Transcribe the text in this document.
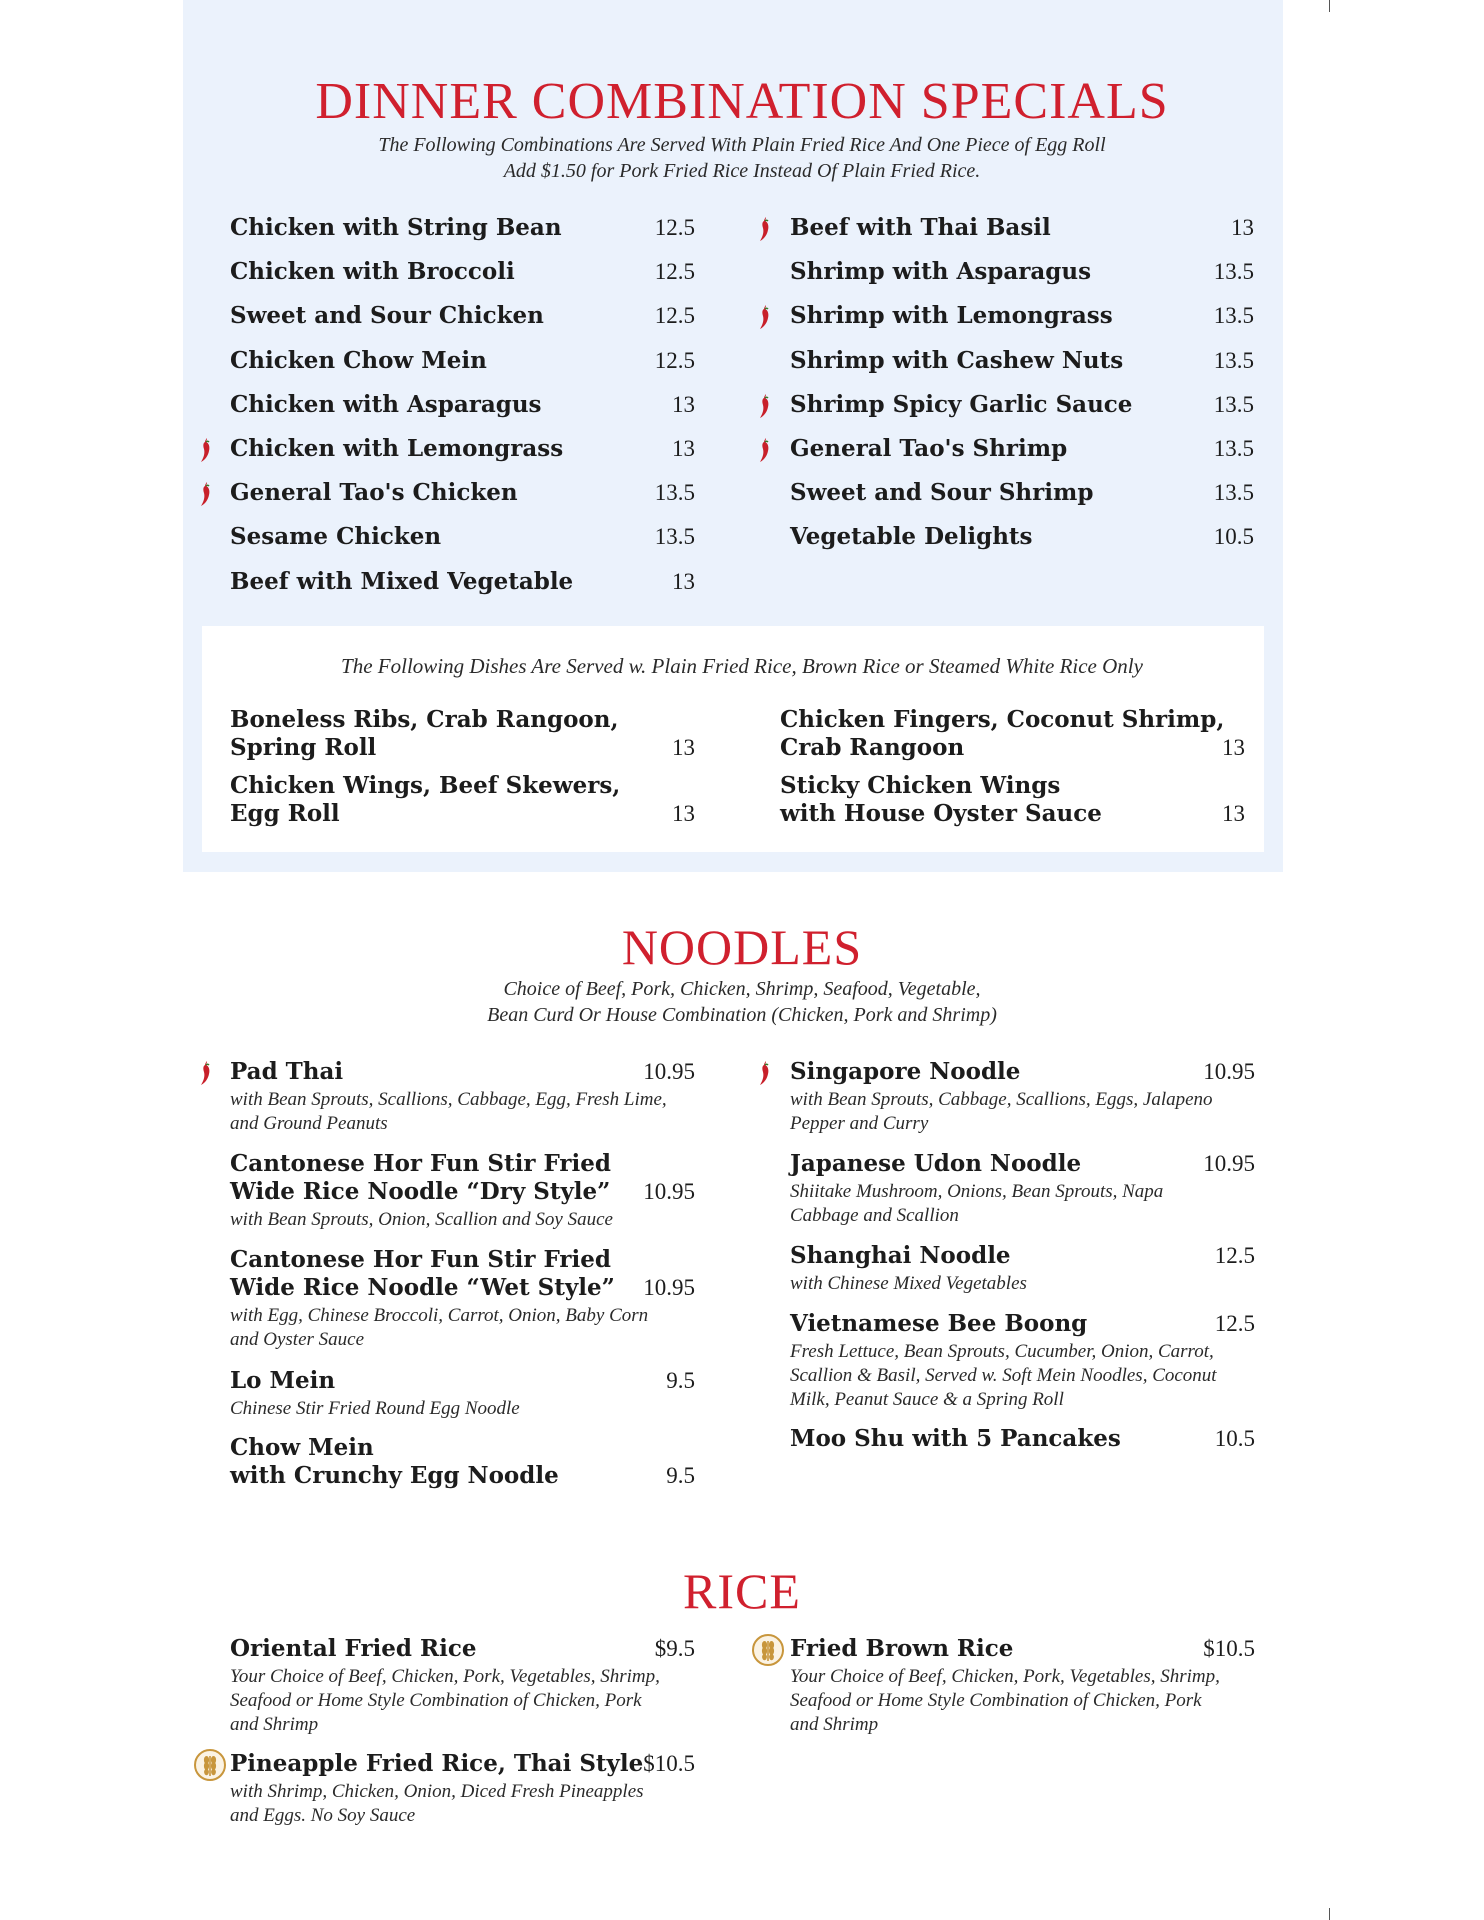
DINNER COMBINATION SPECIALS
The Following Combinations Are Served With Plain Fried Rice And One Piece of Egg Roll
Add $1.50 for Pork Fried Rice Instead Of Plain Fried Rice.
The Following Dishes Are Served w. Plain Fried Rice, Brown Rice or Steamed White Rice Only
Boneless Ribs, Crab Rangoon,
Spring Roll	13
Chicken Wings, Beef Skewers,
Egg Roll	13
Chicken Fingers, Coconut Shrimp,
Crab Rangoon	13
Sticky Chicken Wings
with House Oyster Sauce	13
NOODLES
Choice of Beef, Pork, Chicken, Shrimp, Seafood, Vegetable,
Bean Curd Or House Combination (Chicken, Pork and Shrimp)
Pad Thai	10.95
with Bean Sprouts, Scallions, Cabbage, Egg, Fresh Lime,
and Ground Peanuts
Cantonese Hor Fun Stir Fried
Wide Rice Noodle “Dry Style”	10.95
with Bean Sprouts, Onion, Scallion and Soy Sauce
Cantonese Hor Fun Stir Fried
Wide Rice Noodle “Wet Style”	10.95
with Egg, Chinese Broccoli, Carrot, Onion, Baby Corn
and Oyster Sauce
Lo Mein	9.5
Chinese Stir Fried Round Egg Noodle
Chow Mein
with Crunchy Egg Noodle	9.5
Singapore Noodle	10.95
with Bean Sprouts, Cabbage, Scallions, Eggs, Jalapeno
Pepper and Curry
Japanese Udon Noodle	10.95
Shiitake Mushroom, Onions, Bean Sprouts, Napa
Cabbage and Scallion
Shanghai Noodle	12.5
with Chinese Mixed Vegetables
Vietnamese Bee Boong	12.5
Fresh Lettuce, Bean Sprouts, Cucumber, Onion, Carrot,
Scallion & Basil, Served w. Soft Mein Noodles, Coconut
Milk, Peanut Sauce & a Spring Roll
Moo Shu with 5 Pancakes	10.5
RICE
Oriental Fried Rice	$9.5
Your Choice of Beef, Chicken, Pork, Vegetables, Shrimp,
Seafood or Home Style Combination of Chicken, Pork
and Shrimp
Pineapple Fried Rice, Thai Style $10.5
with Shrimp, Chicken, Onion, Diced Fresh Pineapples
and Eggs. No Soy Sauce
Fried Brown Rice	$10.5
Your Choice of Beef, Chicken, Pork, Vegetables, Shrimp,
Seafood or Home Style Combination of Chicken, Pork
and Shrimp
Chicken with String Bean	12.5
Chicken with Broccoli	12.5
Sweet and Sour Chicken	12.5
Chicken Chow Mein	12.5
Chicken with Asparagus	13
Chicken with Lemongrass	13
General Tao's Chicken	13.5
Sesame Chicken	13.5
Beef with Mixed Vegetable	13
Beef with Thai Basil	13
Shrimp with Asparagus	13.5
Shrimp with Lemongrass	13.5
Shrimp with Cashew Nuts	13.5
Shrimp Spicy Garlic Sauce	13.5
General Tao's Shrimp	13.5
Sweet and Sour Shrimp	13.5
Vegetable Delights	10.5
